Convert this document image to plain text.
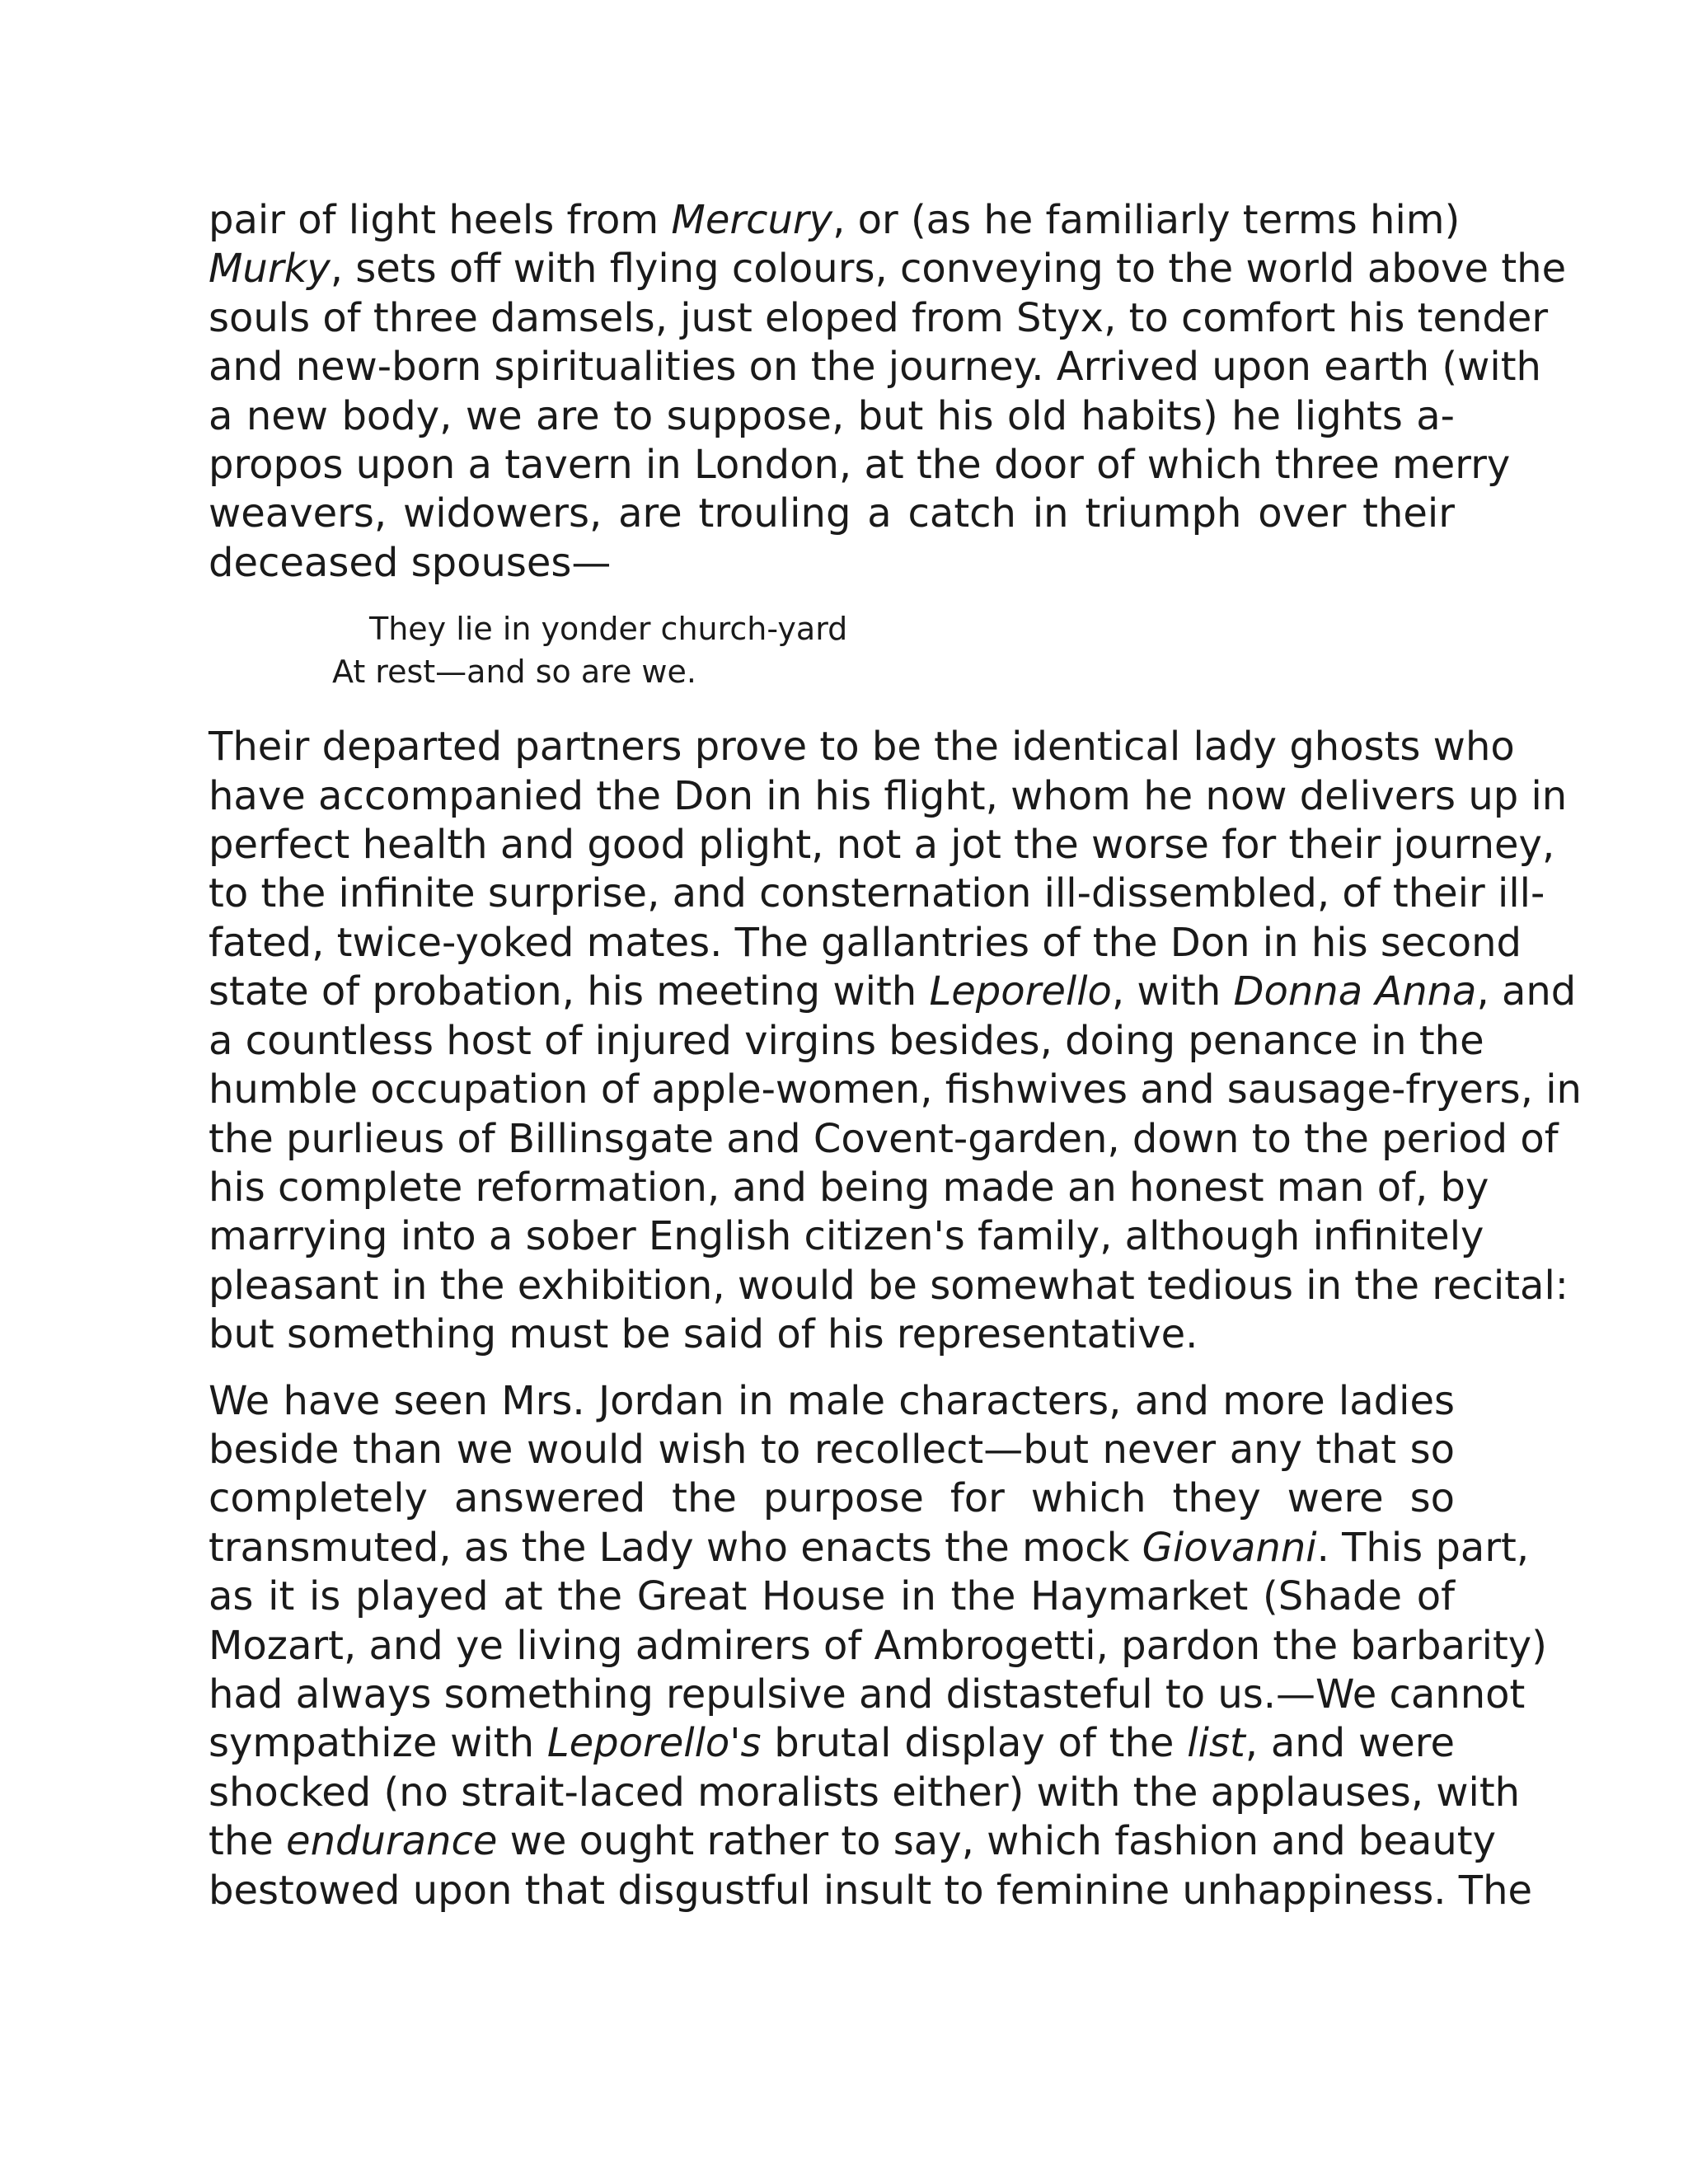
pair of light heels from Mercury, or (as he familiarly terms him)
Murky, sets off with flying colours, conveying to the world above the
souls of three damsels, just eloped from Styx, to comfort his tender
and new-born spiritualities on the journey. Arrived upon earth (with
a new body, we are to suppose, but his old habits) he lights a-
propos upon a tavern in London, at the door of which three merry
weavers, widowers, are trouling a catch in triumph over their
deceased spouses—

They lie in yonder church-yard
At rest—and so are we.

Their departed partners prove to be the identical lady ghosts who
have accompanied the Don in his flight, whom he now delivers up in
perfect health and good plight, not a jot the worse for their journey,
to the infinite surprise, and consternation ill-dissembled, of their ill-
fated, twice-yoked mates. The gallantries of the Don in his second
state of probation, his meeting with Leporello, with Donna Anna, and
a countless host of injured virgins besides, doing penance in the
humble occupation of apple-women, fishwives and sausage-fryers, in
the purlieus of Billinsgate and Covent-garden, down to the period of
his complete reformation, and being made an honest man of, by
marrying into a sober English citizen's family, although infinitely
pleasant in the exhibition, would be somewhat tedious in the recital:
but something must be said of his representative.

We have seen Mrs. Jordan in male characters, and more ladies
beside than we would wish to recollect—but never any that so
completely answered the purpose for which they were so
transmuted, as the Lady who enacts the mock Giovanni. This part,
as it is played at the Great House in the Haymarket (Shade of
Mozart, and ye living admirers of Ambrogetti, pardon the barbarity)
had always something repulsive and distasteful to us.—We cannot
sympathize with Leporello's brutal display of the list, and were
shocked (no strait-laced moralists either) with the applauses, with
the endurance we ought rather to say, which fashion and beauty
bestowed upon that disgustful insult to feminine unhappiness. The
